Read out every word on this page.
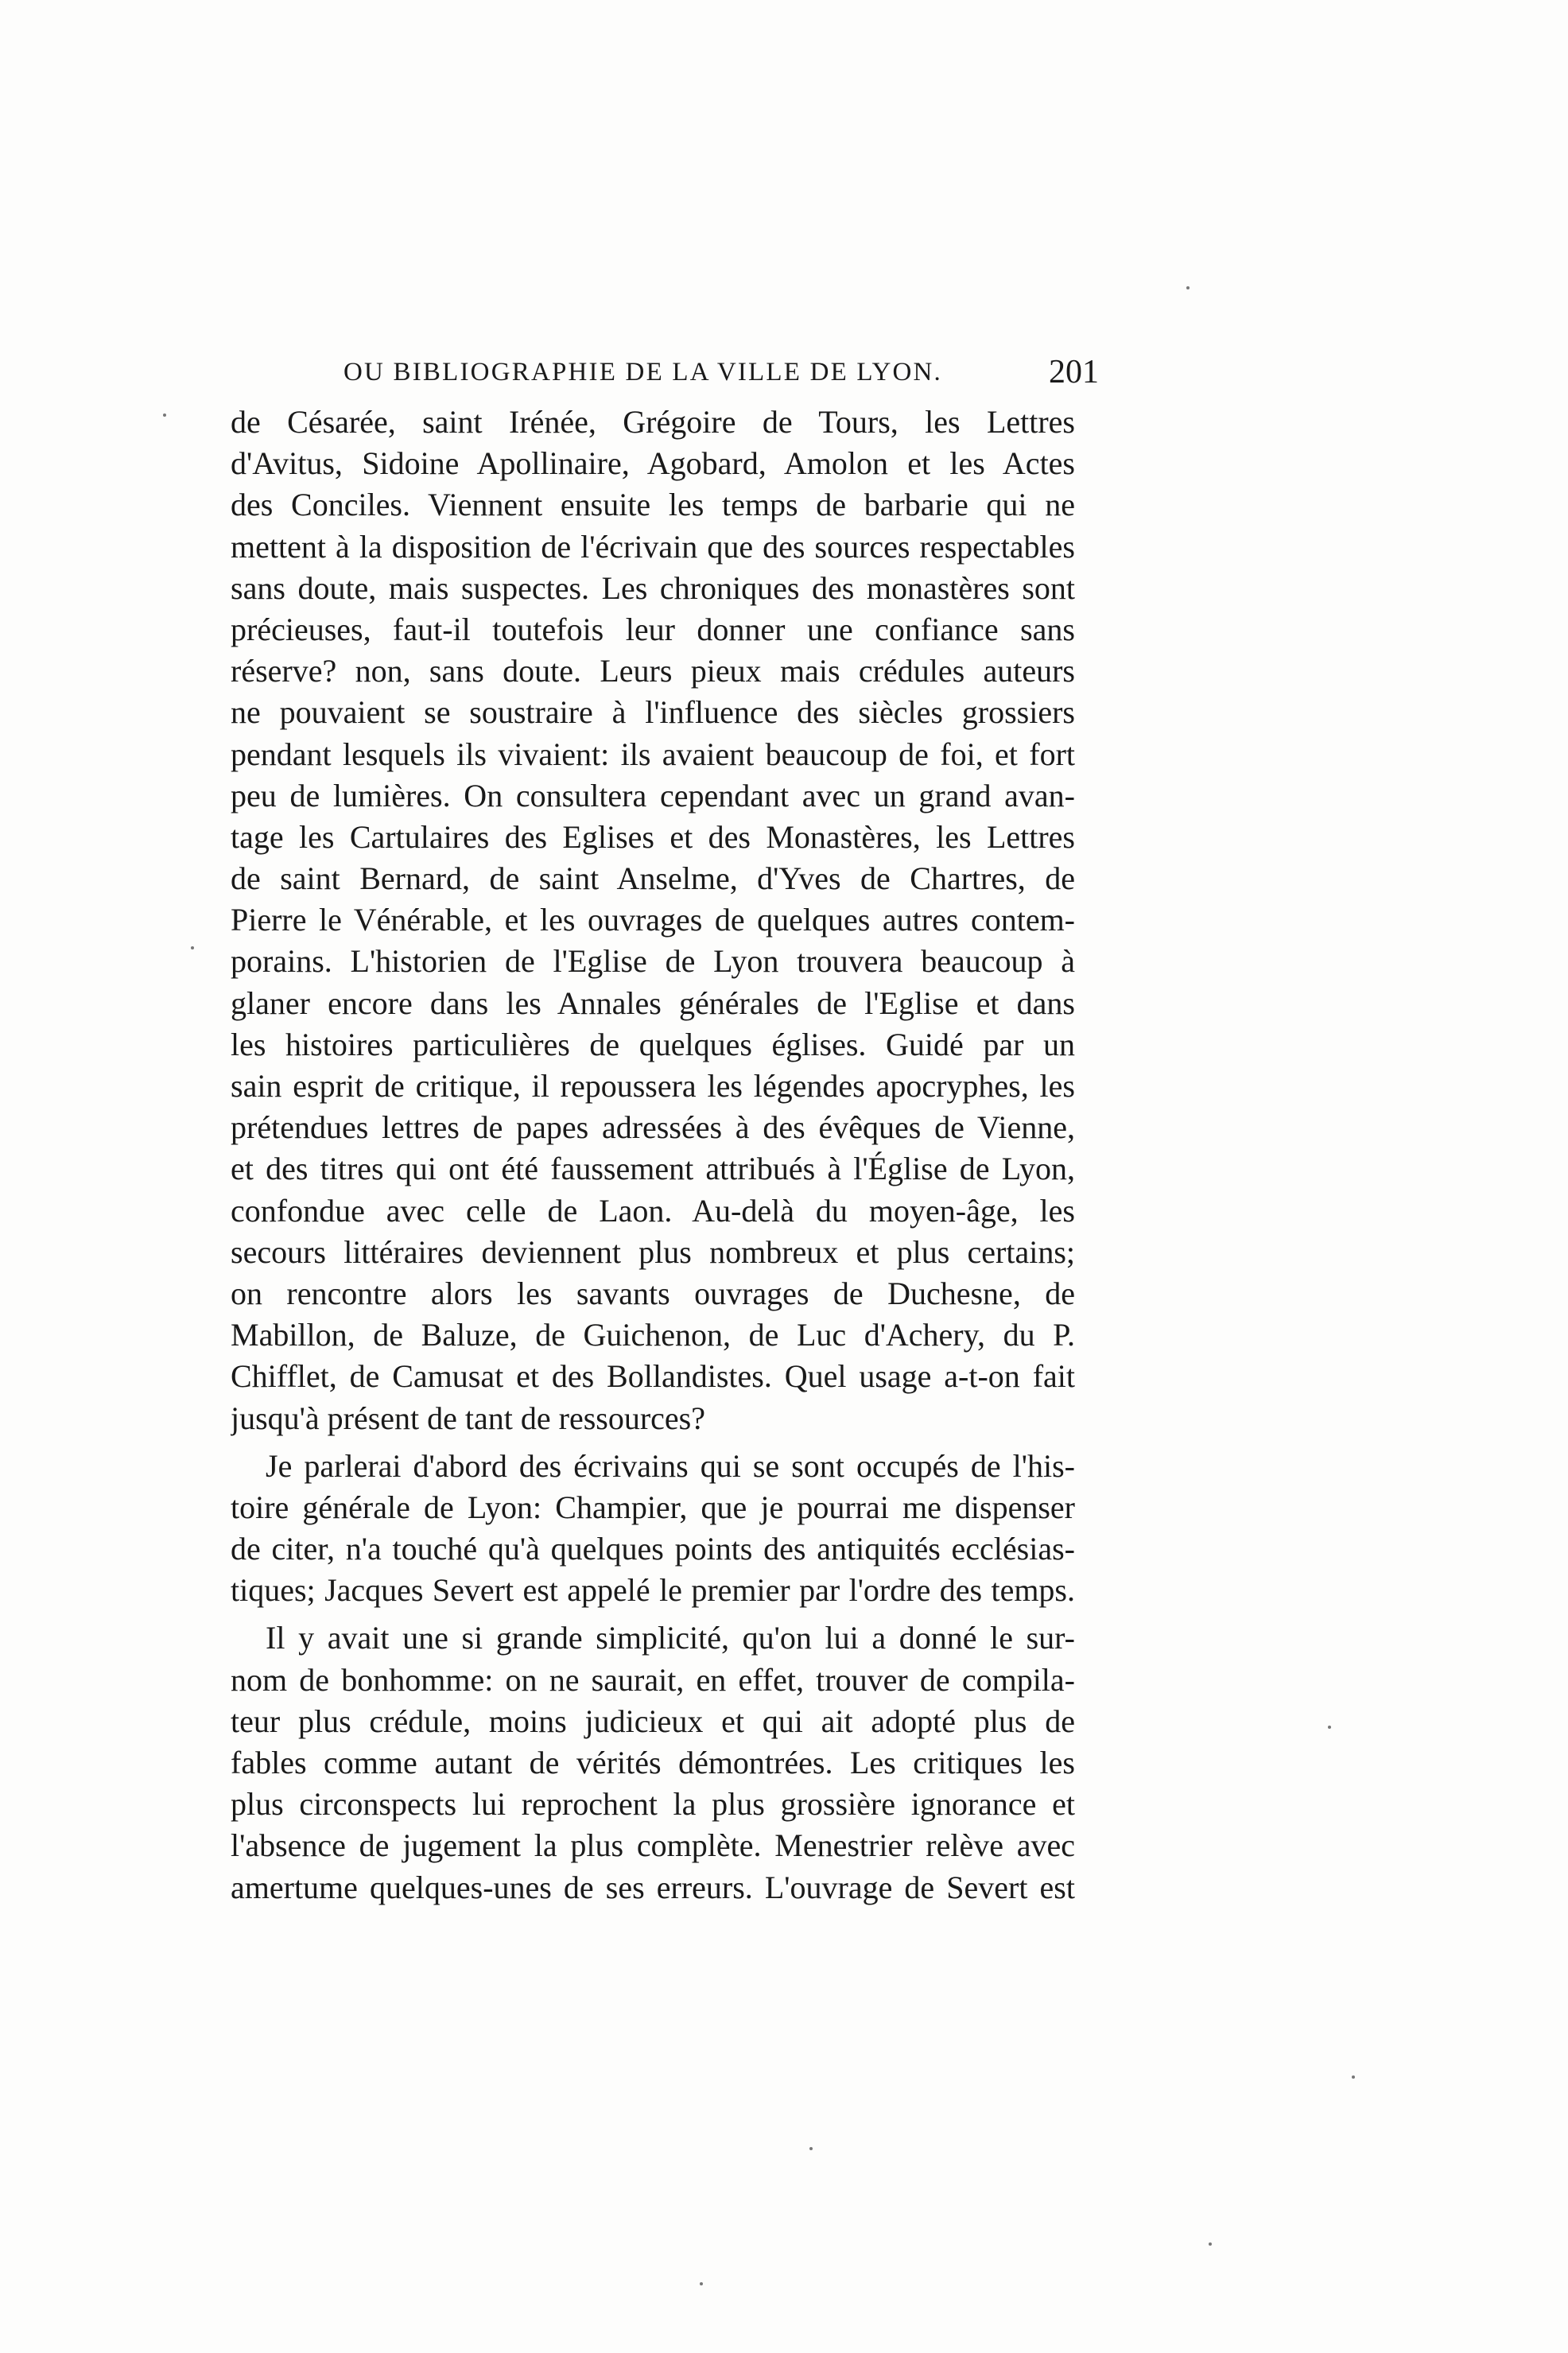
OU BIBLIOGRAPHIE DE LA VILLE DE LYON.	201
de Césarée, saint Irénée, Grégoire de Tours, les Lettres
d'Avitus, Sidoine Apollinaire, Agobard, Amolon et les Actes
des Conciles. Viennent ensuite les temps de barbarie qui ne
mettent à la disposition de l'écrivain que des sources respectables
sans doute, mais suspectes. Les chroniques des monastères sont
précieuses, faut-il toutefois leur donner une confiance sans
réserve? non, sans doute. Leurs pieux mais crédules auteurs
ne pouvaient se soustraire à l'influence des siècles grossiers
pendant lesquels ils vivaient: ils avaient beaucoup de foi, et fort
peu de lumières. On consultera cependant avec un grand avan-
tage les Cartulaires des Eglises et des Monastères, les Lettres
de saint Bernard, de saint Anselme, d'Yves de Chartres, de
Pierre le Vénérable, et les ouvrages de quelques autres contem-
porains. L'historien de l'Eglise de Lyon trouvera beaucoup à
glaner encore dans les Annales générales de l'Eglise et dans
les histoires particulières de quelques églises. Guidé par un
sain esprit de critique, il repoussera les légendes apocryphes, les
prétendues lettres de papes adressées à des évêques de Vienne,
et des titres qui ont été faussement attribués à l'Église de Lyon,
confondue avec celle de Laon. Au-delà du moyen-âge, les
secours littéraires deviennent plus nombreux et plus certains;
on rencontre alors les savants ouvrages de Duchesne, de
Mabillon, de Baluze, de Guichenon, de Luc d'Achery, du P.
Chifflet, de Camusat et des Bollandistes. Quel usage a-t-on fait
jusqu'à présent de tant de ressources?
Je parlerai d'abord des écrivains qui se sont occupés de l'his-
toire générale de Lyon: Champier, que je pourrai me dispenser
de citer, n'a touché qu'à quelques points des antiquités ecclésias-
tiques; Jacques Severt est appelé le premier par l'ordre des temps.
Il y avait une si grande simplicité, qu'on lui a donné le sur-
nom de bonhomme: on ne saurait, en effet, trouver de compila-
teur plus crédule, moins judicieux et qui ait adopté plus de
fables comme autant de vérités démontrées. Les critiques les
plus circonspects lui reprochent la plus grossière ignorance et
l'absence de jugement la plus complète. Menestrier relève avec
amertume quelques-unes de ses erreurs. L'ouvrage de Severt est
